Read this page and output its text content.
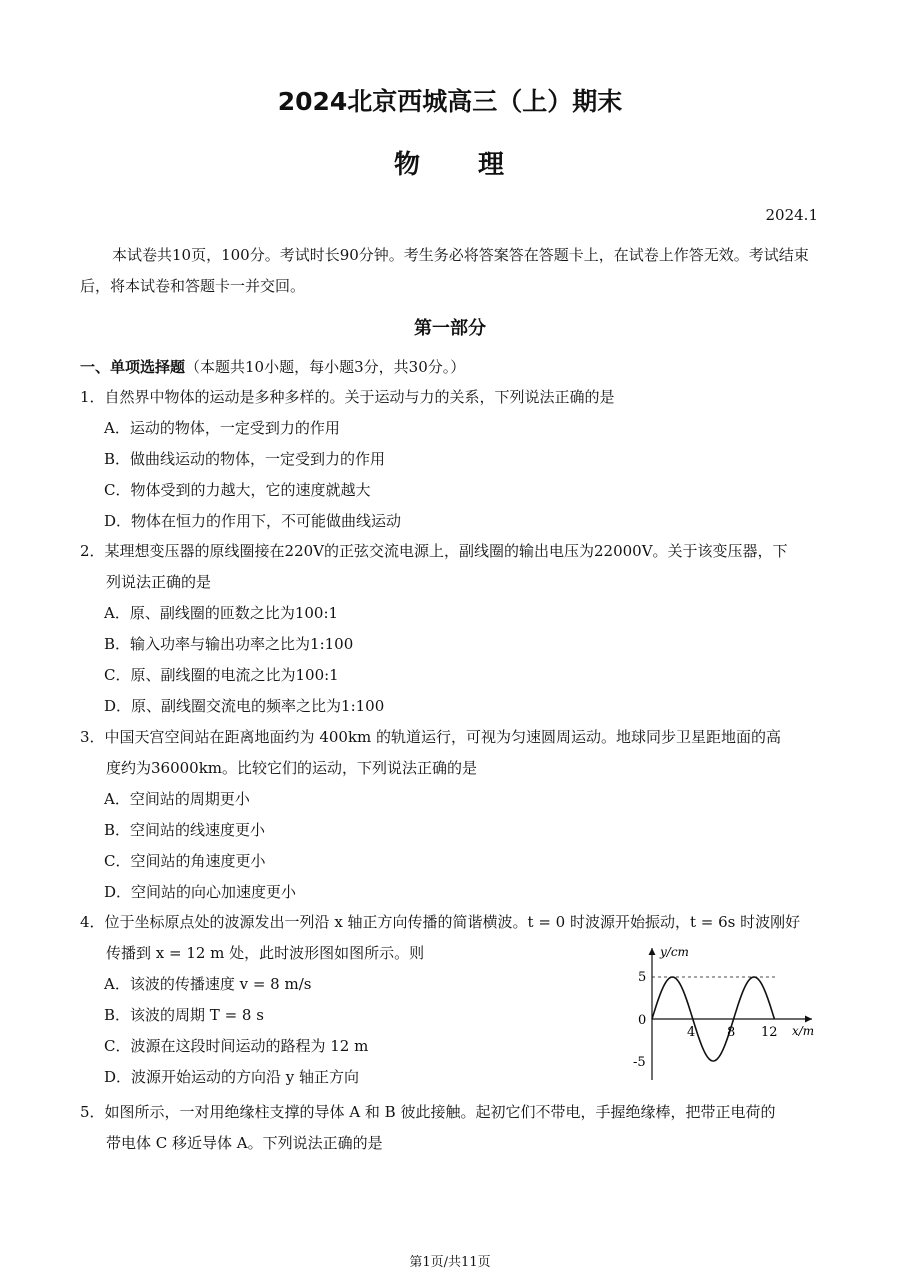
2024北京西城高三（上）期末
物　　理
2024.1
本试卷共10页，100分。考试时长90分钟。考生务必将答案答在答题卡上，在试卷上作答无效。考试结束后，将本试卷和答题卡一并交回。
第一部分
一、单项选择题（本题共10小题，每小题3分，共30分。）
1．自然界中物体的运动是多种多样的。关于运动与力的关系，下列说法正确的是
A．运动的物体，一定受到力的作用
B．做曲线运动的物体，一定受到力的作用
C．物体受到的力越大，它的速度就越大
D．物体在恒力的作用下，不可能做曲线运动
2．某理想变压器的原线圈接在220V的正弦交流电源上，副线圈的输出电压为22000V。关于该变压器，下
列说法正确的是
A．原、副线圈的匝数之比为100:1
B．输入功率与输出功率之比为1:100
C．原、副线圈的电流之比为100:1
D．原、副线圈交流电的频率之比为1:100
3．中国天宫空间站在距离地面约为 400km 的轨道运行，可视为匀速圆周运动。地球同步卫星距地面的高
度约为36000km。比较它们的运动，下列说法正确的是
A．空间站的周期更小
B．空间站的线速度更小
C．空间站的角速度更小
D．空间站的向心加速度更小
4．位于坐标原点处的波源发出一列沿 x 轴正方向传播的简谐横波。t = 0 时波源开始振动，t = 6s 时波刚好
传播到 x = 12 m 处，此时波形图如图所示。则
A．该波的传播速度 v = 8 m/s
B．该波的周期 T = 8 s
C．波源在这段时间运动的路程为 12 m
D．波源开始运动的方向沿 y 轴正方向
y/cm
x/m
5
0
-5
4 8 12
5．如图所示，一对用绝缘柱支撑的导体 A 和 B 彼此接触。起初它们不带电，手握绝缘棒，把带正电荷的
带电体 C 移近导体 A。下列说法正确的是
第1页/共11页
